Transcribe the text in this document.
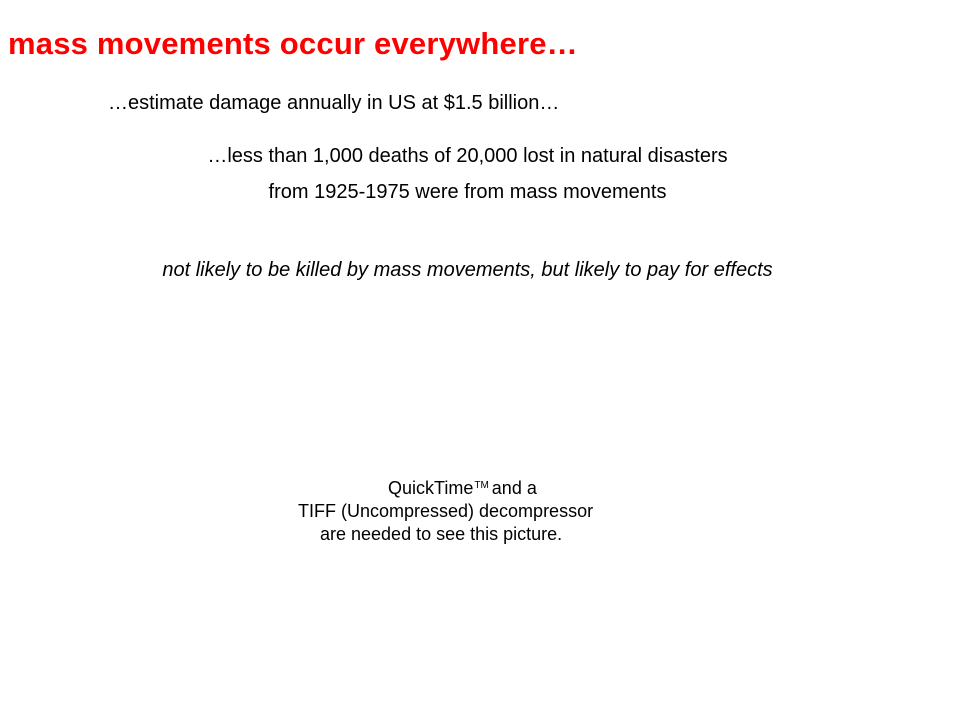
mass movements occur everywhere…
…estimate damage annually in US at $1.5 billion…
…less than 1,000 deaths of 20,000 lost in natural disasters
from 1925-1975 were from mass movements
not likely to be killed by mass movements, but likely to pay for effects
QuickTime™ and a
TIFF (Uncompressed) decompressor
are needed to see this picture.
